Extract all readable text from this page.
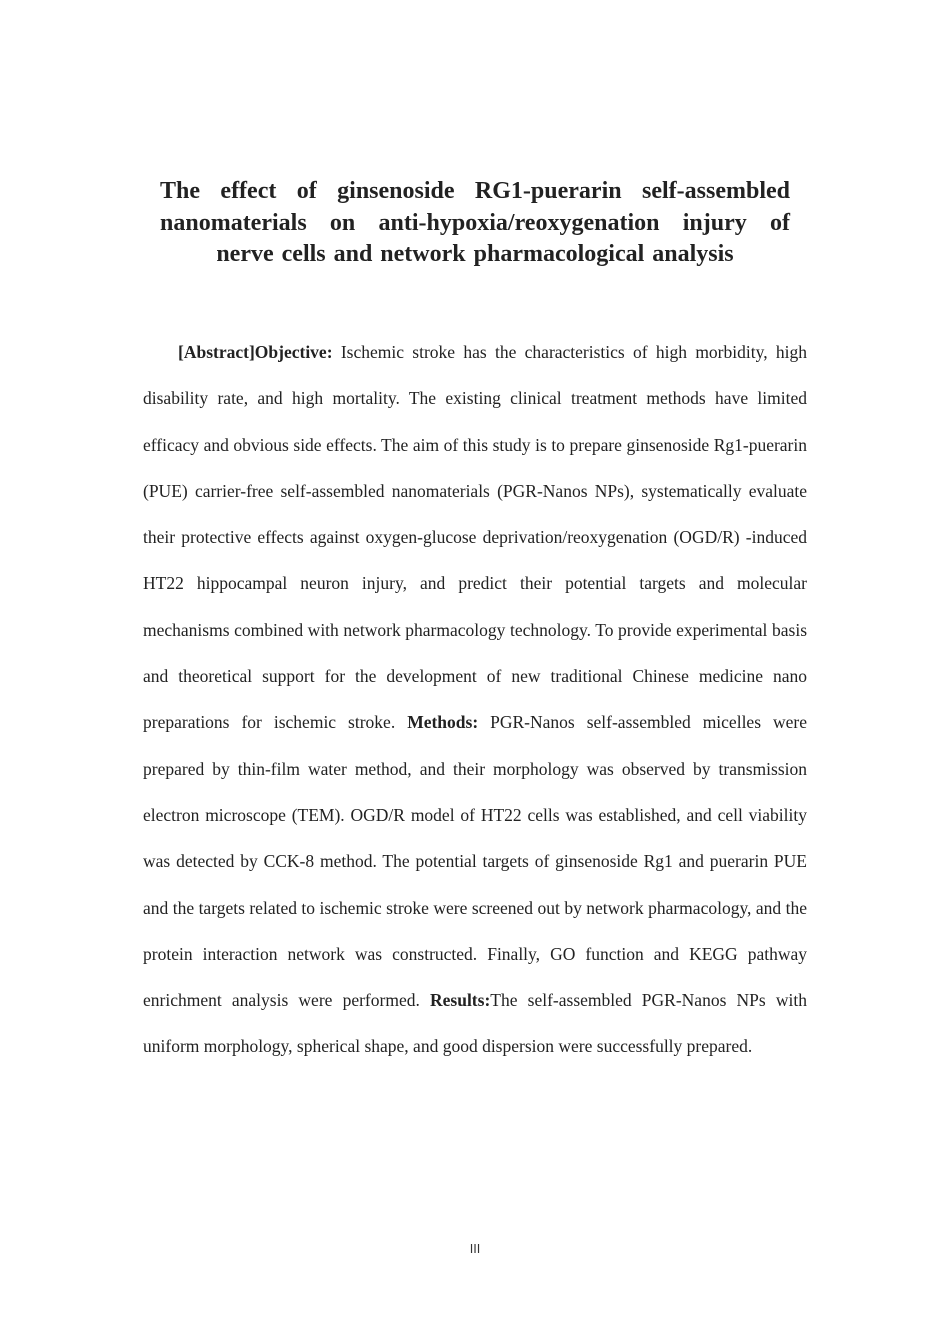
The effect of ginsenoside RG1-puerarin self-assembled
nanomaterials on anti-hypoxia/reoxygenation injury of
nerve cells and network pharmacological analysis

[Abstract]Objective: Ischemic stroke has the characteristics of high morbidity, high disability rate, and high mortality. The existing clinical treatment methods have limited efficacy and obvious side effects. The aim of this study is to prepare ginsenoside Rg1-puerarin (PUE) carrier-free self-assembled nanomaterials (PGR-Nanos NPs), systematically evaluate their protective effects against oxygen-glucose deprivation/reoxygenation (OGD/R) -induced HT22 hippocampal neuron injury, and predict their potential targets and molecular mechanisms combined with network pharmacology technology. To provide experimental basis and theoretical support for the development of new traditional Chinese medicine nano preparations for ischemic stroke. Methods: PGR-Nanos self-assembled micelles were prepared by thin-film water method, and their morphology was observed by transmission electron microscope (TEM). OGD/R model of HT22 cells was established, and cell viability was detected by CCK-8 method. The potential targets of ginsenoside Rg1 and puerarin PUE and the targets related to ischemic stroke were screened out by network pharmacology, and the protein interaction network was constructed. Finally, GO function and KEGG pathway enrichment analysis were performed. Results:The self-assembled PGR-Nanos NPs with uniform morphology, spherical shape, and good dispersion were successfully prepared.

III
